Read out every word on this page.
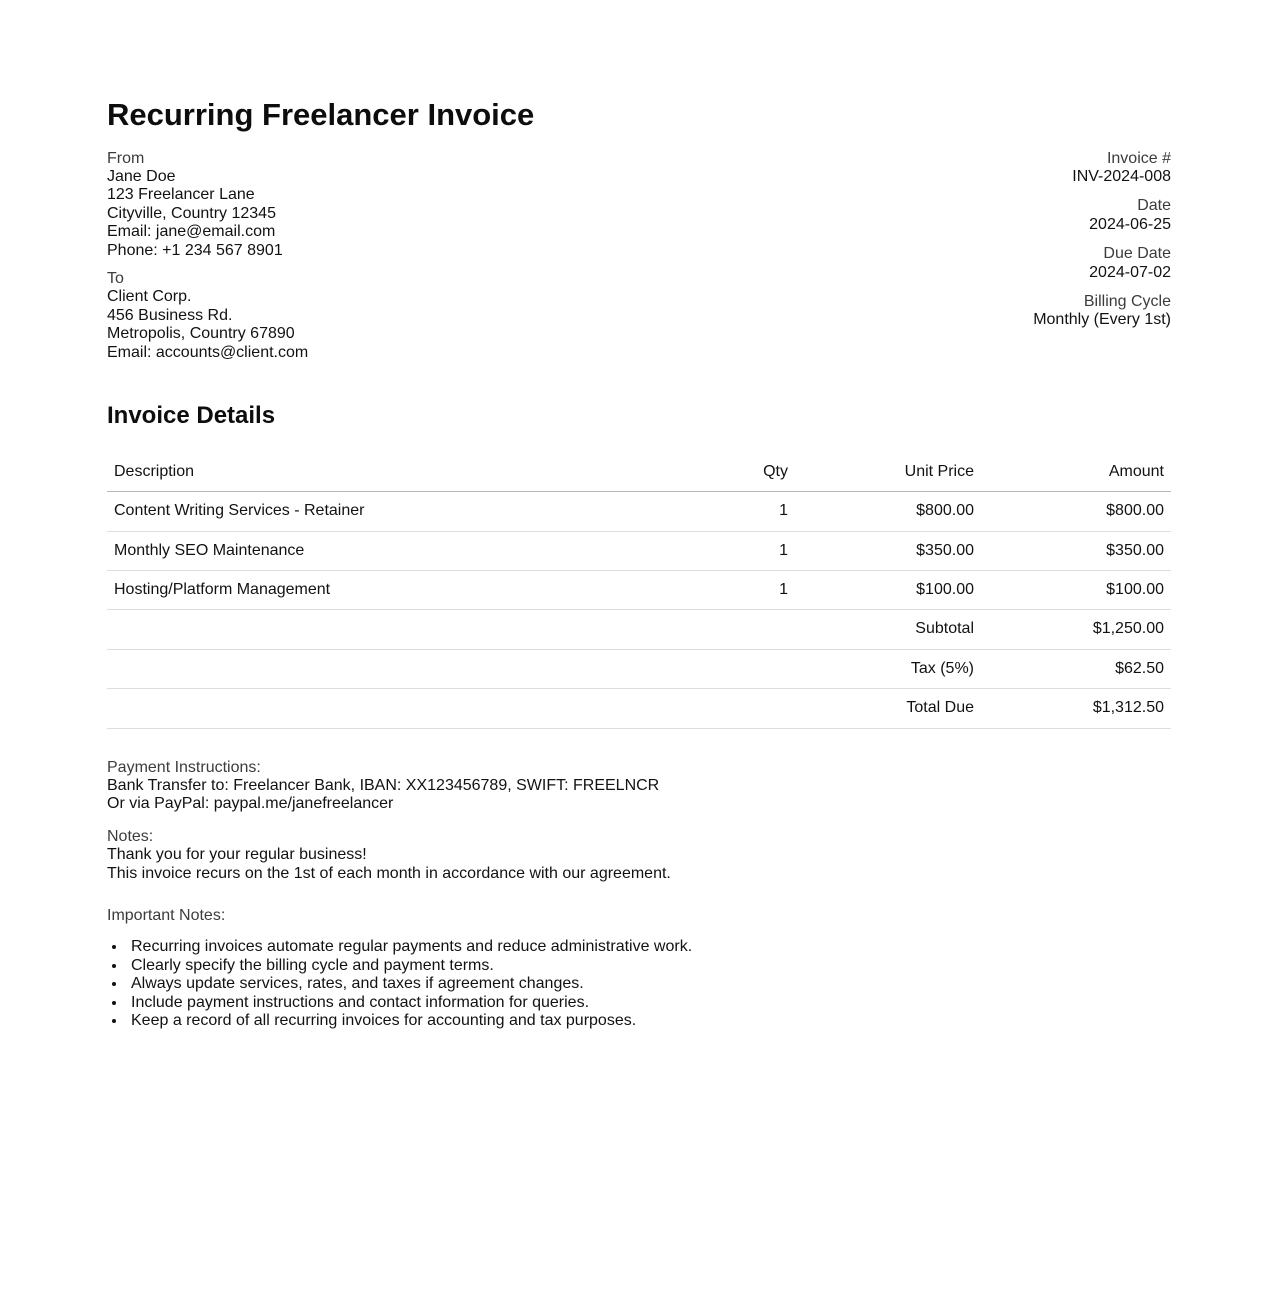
Recurring Freelancer Invoice
From
Jane Doe
123 Freelancer Lane
Cityville, Country 12345
Email: jane@email.com
Phone: +1 234 567 8901
To
Client Corp.
456 Business Rd.
Metropolis, Country 67890
Email: accounts@client.com
Invoice #
INV-2024-008
Date
2024-06-25
Due Date
2024-07-02
Billing Cycle
Monthly (Every 1st)
Invoice Details
Description	Qty	Unit Price	Amount
Content Writing Services - Retainer	1	$800.00	$800.00
Monthly SEO Maintenance	1	$350.00	$350.00
Hosting/Platform Management	1	$100.00	$100.00
		Subtotal	$1,250.00
		Tax (5%)	$62.50
		Total Due	$1,312.50
Payment Instructions:
Bank Transfer to: Freelancer Bank, IBAN: XX123456789, SWIFT: FREELNCR
Or via PayPal: paypal.me/janefreelancer
Notes:
Thank you for your regular business!
This invoice recurs on the 1st of each month in accordance with our agreement.
Important Notes:
• Recurring invoices automate regular payments and reduce administrative work.
• Clearly specify the billing cycle and payment terms.
• Always update services, rates, and taxes if agreement changes.
• Include payment instructions and contact information for queries.
• Keep a record of all recurring invoices for accounting and tax purposes.
